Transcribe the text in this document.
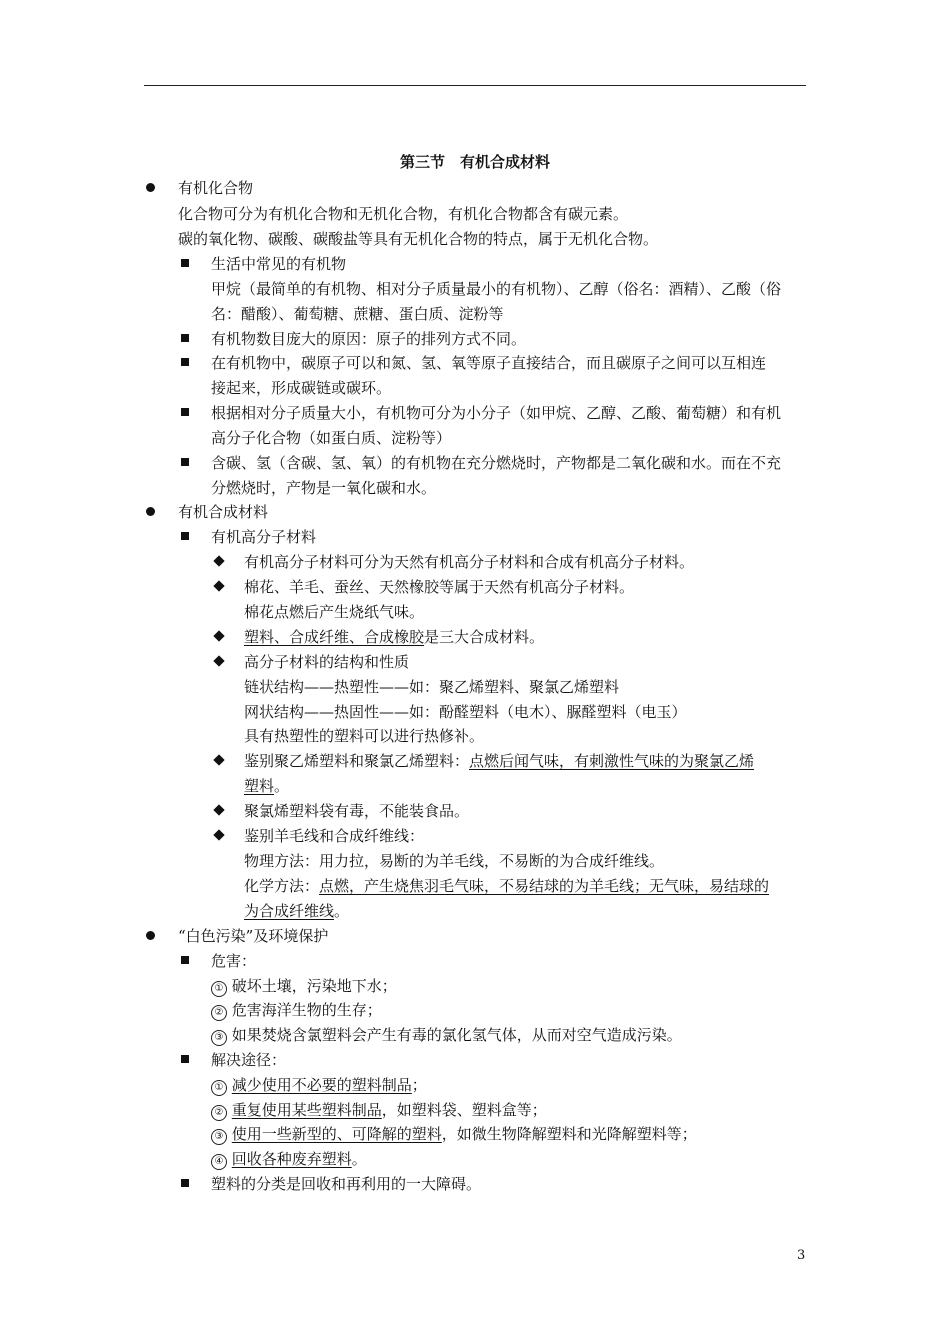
第三节　有机合成材料
有机化合物
化合物可分为有机化合物和无机化合物，有机化合物都含有碳元素。
碳的氧化物、碳酸、碳酸盐等具有无机化合物的特点，属于无机化合物。
生活中常见的有机物
甲烷（最简单的有机物、相对分子质量最小的有机物）、乙醇（俗名：酒精）、乙酸（俗
名：醋酸）、葡萄糖、蔗糖、蛋白质、淀粉等
有机物数目庞大的原因：原子的排列方式不同。
在有机物中，碳原子可以和氮、氢、氧等原子直接结合，而且碳原子之间可以互相连
接起来，形成碳链或碳环。
根据相对分子质量大小，有机物可分为小分子（如甲烷、乙醇、乙酸、葡萄糖）和有机
高分子化合物（如蛋白质、淀粉等）
含碳、氢（含碳、氢、氧）的有机物在充分燃烧时，产物都是二氧化碳和水。而在不充
分燃烧时，产物是一氧化碳和水。
有机合成材料
有机高分子材料
有机高分子材料可分为天然有机高分子材料和合成有机高分子材料。
棉花、羊毛、蚕丝、天然橡胶等属于天然有机高分子材料。
棉花点燃后产生烧纸气味。
塑料、合成纤维、合成橡胶是三大合成材料。
高分子材料的结构和性质
链状结构——热塑性——如：聚乙烯塑料、聚氯乙烯塑料
网状结构——热固性——如：酚醛塑料（电木）、脲醛塑料（电玉）
具有热塑性的塑料可以进行热修补。
鉴别聚乙烯塑料和聚氯乙烯塑料：点燃后闻气味，有刺激性气味的为聚氯乙烯
塑料。
聚氯烯塑料袋有毒，不能装食品。
鉴别羊毛线和合成纤维线：
物理方法：用力拉，易断的为羊毛线，不易断的为合成纤维线。
化学方法：点燃，产生烧焦羽毛气味，不易结球的为羊毛线；无气味，易结球的
为合成纤维线。
“白色污染”及环境保护
危害：
① 破坏土壤，污染地下水；
② 危害海洋生物的生存；
③ 如果焚烧含氯塑料会产生有毒的氯化氢气体，从而对空气造成污染。
解决途径：
① 减少使用不必要的塑料制品；
② 重复使用某些塑料制品，如塑料袋、塑料盒等；
③ 使用一些新型的、可降解的塑料，如微生物降解塑料和光降解塑料等；
④ 回收各种废弃塑料。
塑料的分类是回收和再利用的一大障碍。
3
